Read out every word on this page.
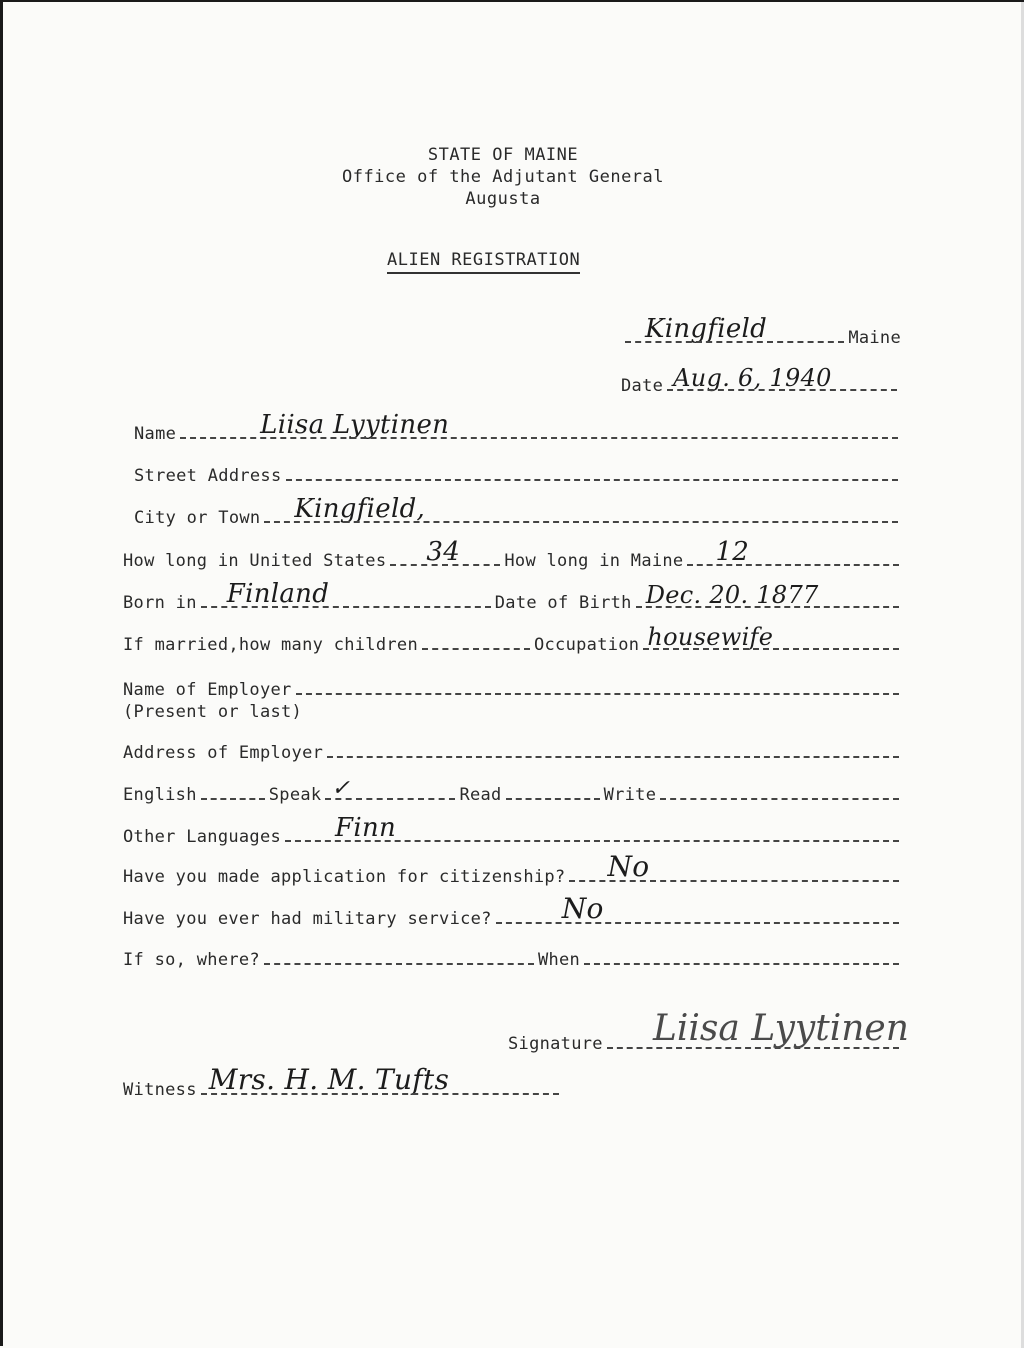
STATE OF MAINE
Office of the Adjutant General
Augusta
ALIEN REGISTRATION
Kingfield	Maine
Date Aug. 6, 1940
Name	Liisa Lyytinen
Street Address
City or Town Kingfield,
How long in United States 34	How long in Maine 12
Born in Finland	Date of Birth Dec. 20. 1877
If married,how many children	Occupation housewife
Name of Employer
(Present or last)
Address of Employer
English	Speak ✓	Read	Write
Other Languages Finn
Have you made application for citizenship? No
Have you ever had military service?	No
If so, where?	When
Signature Liisa Lyytinen
Witness Mrs. H. M. Tufts
